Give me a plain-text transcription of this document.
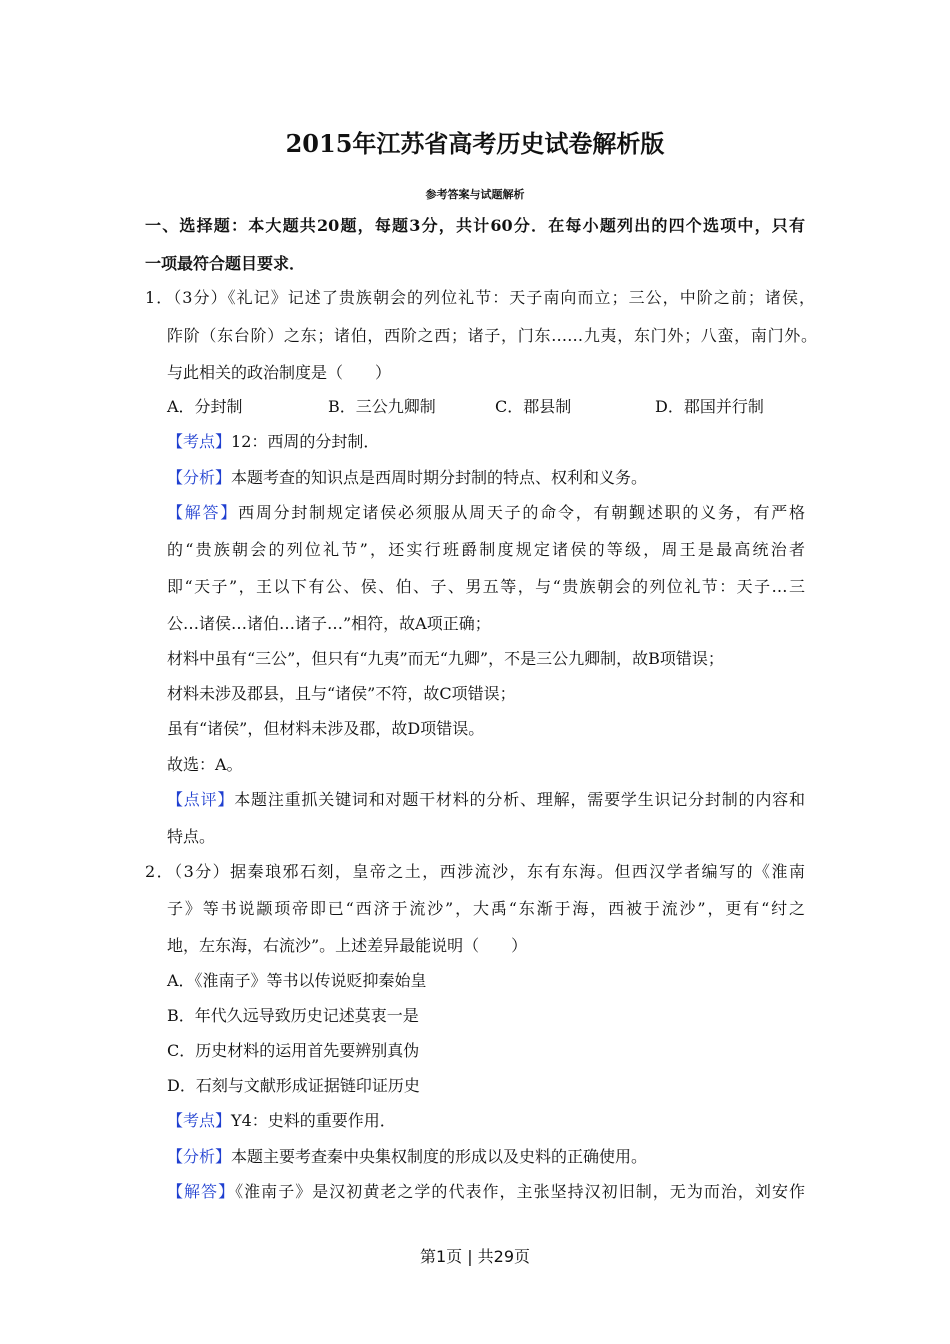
2015年江苏省高考历史试卷解析版
参考答案与试题解析
一、选择题：本大题共20题，每题3分，共计60分．在每小题列出的四个选项中，只有
一项最符合题目要求．
1．（3分）《礼记》记述了贵族朝会的列位礼节：天子南向而立；三公，中阶之前；诸侯，
阼阶（东台阶）之东；诸伯，西阶之西；诸子，门东……九夷，东门外；八蛮，南门外。
与此相关的政治制度是（　　）
A．分封制	B．三公九卿制	C．郡县制	D．郡国并行制
【考点】12：西周的分封制．
【分析】本题考查的知识点是西周时期分封制的特点、权利和义务。
【解答】西周分封制规定诸侯必须服从周天子的命令，有朝觐述职的义务，有严格
的“贵族朝会的列位礼节”，还实行班爵制度规定诸侯的等级，周王是最高统治者
即“天子”，王以下有公、侯、伯、子、男五等，与“贵族朝会的列位礼节：天子…三
公…诸侯…诸伯…诸子…”相符，故A项正确；
材料中虽有“三公”，但只有“九夷”而无“九卿”，不是三公九卿制，故B项错误；
材料未涉及郡县，且与“诸侯”不符，故C项错误；
虽有“诸侯”，但材料未涉及郡，故D项错误。
故选：A。
【点评】本题注重抓关键词和对题干材料的分析、理解，需要学生识记分封制的内容和
特点。
2．（3分）据秦琅邪石刻，皇帝之土，西涉流沙，东有东海。但西汉学者编写的《淮南
子》等书说颛顼帝即已“西济于流沙”，大禹“东渐于海，西被于流沙”，更有“纣之
地，左东海，右流沙”。上述差异最能说明（　　）
A．《淮南子》等书以传说贬抑秦始皇
B．年代久远导致历史记述莫衷一是
C．历史材料的运用首先要辨别真伪
D．石刻与文献形成证据链印证历史
【考点】Y4：史料的重要作用．
【分析】本题主要考查秦中央集权制度的形成以及史料的正确使用。
【解答】《淮南子》是汉初黄老之学的代表作，主张坚持汉初旧制，无为而治，刘安作
第1页 | 共29页
